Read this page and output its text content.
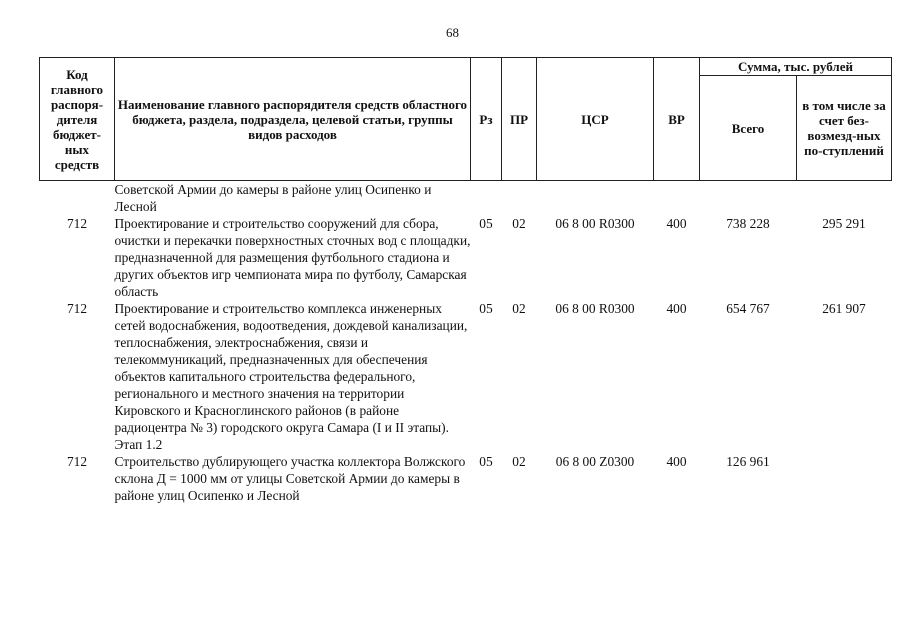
68
Код главного распоря-дителя бюджет-ных средств	Наименование главного распорядителя средств областного бюджета, раздела, подраздела, целевой статьи, группы видов расходов	Рз	ПР	ЦСР	ВР	Сумма, тыс. рублей	
						Всего	в том числе за счет без-возмезд-ных по-ступлений
	Советской Армии до камеры в районе улиц Осипенко и Лесной						
712	Проектирование и строительство сооружений для сбора, очистки и перекачки поверхностных сточных вод с площадки, предназначенной для размещения футбольного стадиона и других объектов игр чемпионата мира по футболу, Самарская область	05	02	06 8 00 R0300	400	738 228	295 291
712	Проектирование и строительство комплекса инженерных сетей водоснабжения, водоотведения, дождевой канализации, теплоснабжения, электроснабжения, связи и телекоммуникаций, предназначенных для обеспечения объектов капитального строительства федерального, регионального и местного значения на территории Кировского и Красноглинского районов (в районе радиоцентра № 3) городского округа Самара (I и II этапы). Этап 1.2	05	02	06 8 00 R0300	400	654 767	261 907
712	Строительство дублирующего участка коллектора Волжского склона Д = 1000 мм от улицы Советской Армии до камеры в районе улиц Осипенко и Лесной	05	02	06 8 00 Z0300	400	126 961	
